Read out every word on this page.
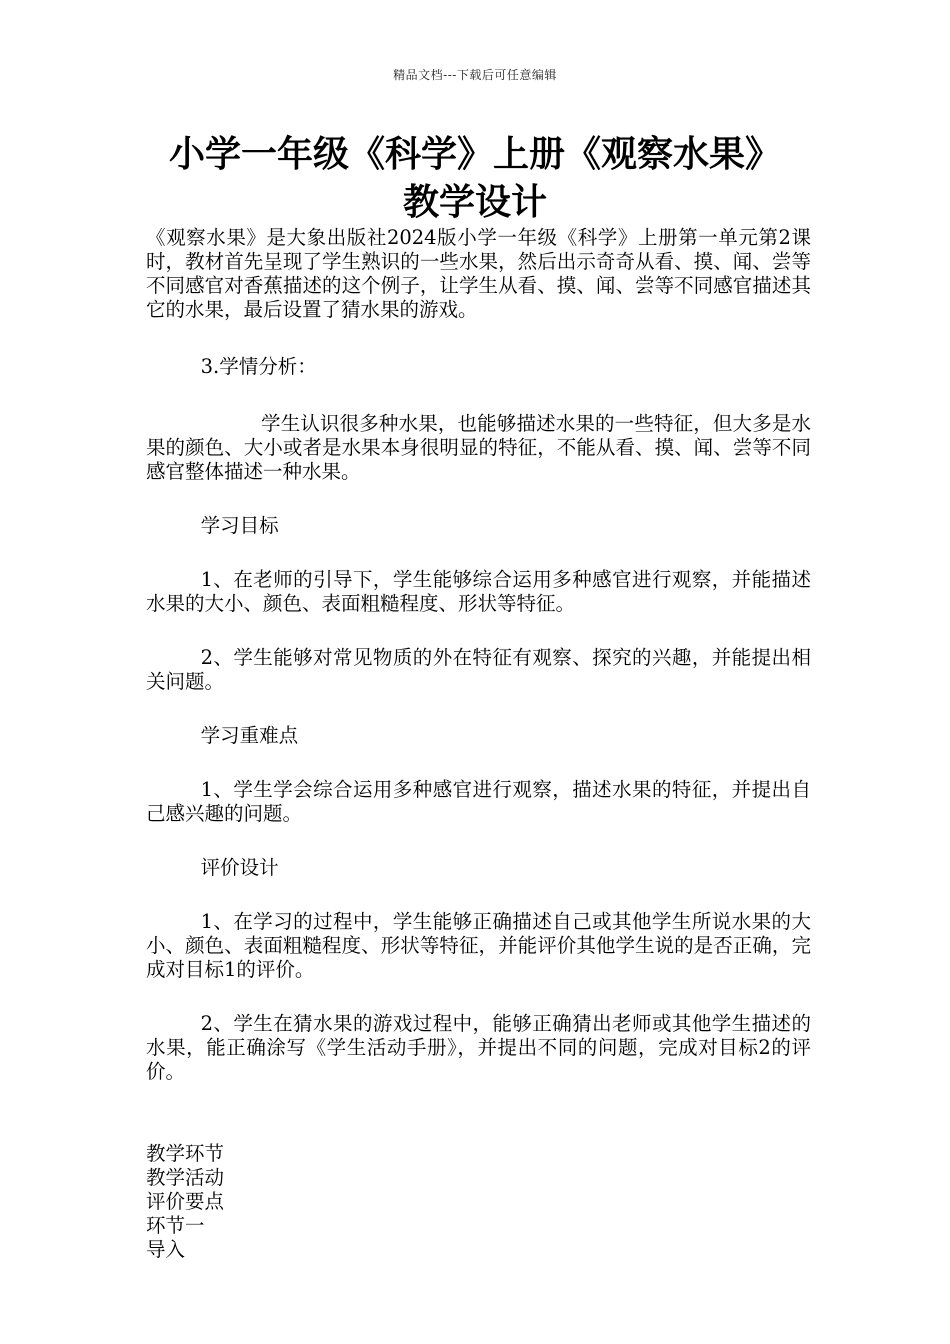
精品文档---下载后可任意编辑
小学一年级《科学》上册《观察水果》
教学设计

《观察水果》是大象出版社2024版小学一年级《科学》上册第一单元第2课时，教材首先呈现了学生熟识的一些水果，然后出示奇奇从看、摸、闻、尝等不同感官对香蕉描述的这个例子，让学生从看、摸、闻、尝等不同感官描述其它的水果，最后设置了猜水果的游戏。

3.学情分析：

学生认识很多种水果，也能够描述水果的一些特征，但大多是水果的颜色、大小或者是水果本身很明显的特征，不能从看、摸、闻、尝等不同感官整体描述一种水果。

学习目标

1、在老师的引导下，学生能够综合运用多种感官进行观察，并能描述水果的大小、颜色、表面粗糙程度、形状等特征。

2、学生能够对常见物质的外在特征有观察、探究的兴趣，并能提出相关问题。

学习重难点

1、学生学会综合运用多种感官进行观察，描述水果的特征，并提出自己感兴趣的问题。

评价设计

1、在学习的过程中，学生能够正确描述自己或其他学生所说水果的大小、颜色、表面粗糙程度、形状等特征，并能评价其他学生说的是否正确，完成对目标1的评价。

2、学生在猜水果的游戏过程中，能够正确猜出老师或其他学生描述的水果，能正确涂写《学生活动手册》，并提出不同的问题，完成对目标2的评价。

教学环节

教学活动

评价要点

环节一

导入
